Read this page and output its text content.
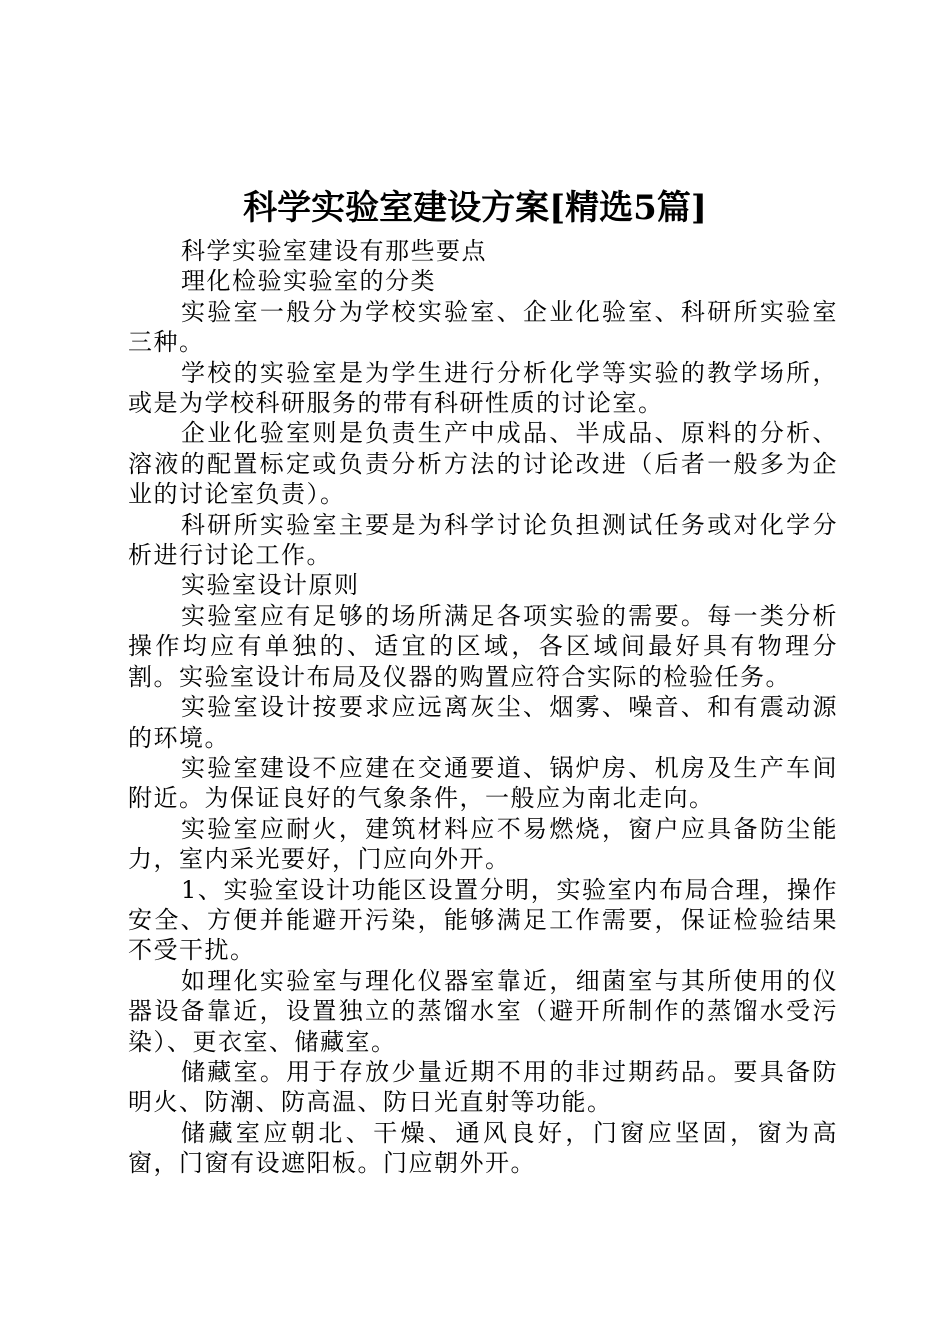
科学实验室建设方案[精选5篇]

科学实验室建设有那些要点

理化检验实验室的分类

实验室一般分为学校实验室、企业化验室、科研所实验室三种。

学校的实验室是为学生进行分析化学等实验的教学场所，或是为学校科研服务的带有科研性质的讨论室。

企业化验室则是负责生产中成品、半成品、原料的分析、溶液的配置标定或负责分析方法的讨论改进（后者一般多为企业的讨论室负责）。

科研所实验室主要是为科学讨论负担测试任务或对化学分析进行讨论工作。

实验室设计原则

实验室应有足够的场所满足各项实验的需要。每一类分析操作均应有单独的、适宜的区域，各区域间最好具有物理分割。实验室设计布局及仪器的购置应符合实际的检验任务。

实验室设计按要求应远离灰尘、烟雾、噪音、和有震动源的环境。

实验室建设不应建在交通要道、锅炉房、机房及生产车间附近。为保证良好的气象条件，一般应为南北走向。

实验室应耐火，建筑材料应不易燃烧，窗户应具备防尘能力，室内采光要好，门应向外开。

1、实验室设计功能区设置分明，实验室内布局合理，操作安全、方便并能避开污染，能够满足工作需要，保证检验结果不受干扰。

如理化实验室与理化仪器室靠近，细菌室与其所使用的仪器设备靠近，设置独立的蒸馏水室（避开所制作的蒸馏水受污染）、更衣室、储藏室。

储藏室。用于存放少量近期不用的非过期药品。要具备防明火、防潮、防高温、防日光直射等功能。

储藏室应朝北、干燥、通风良好，门窗应坚固，窗为高窗，门窗有设遮阳板。门应朝外开。
